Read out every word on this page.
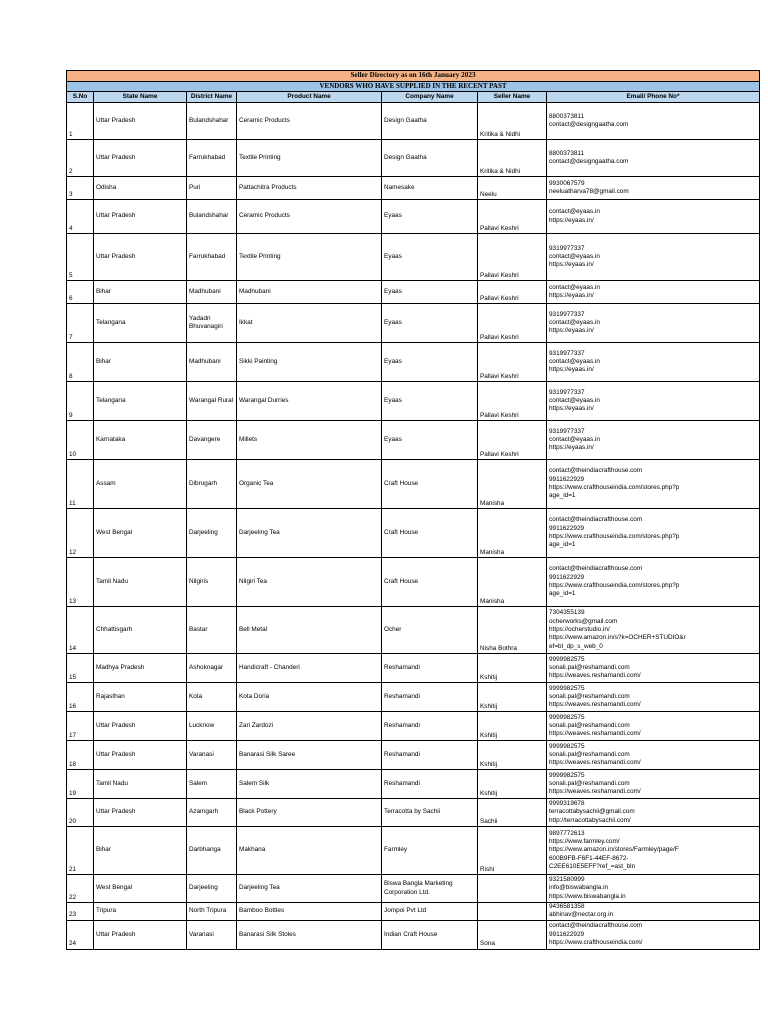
Seller Directory as on 16th January 2023						
VENDORS WHO HAVE SUPPLIED IN THE RECENT PAST						
S.No	State Name	District Name	Product Name	Company Name	Seller Name	Email/ Phone No*
1	Uttar Pradesh	Bulandshahar	Ceramic Products	Design Gaatha	Kritika & Nidhi	8800373811
contact@designgaatha.com

2	Uttar Pradesh	Farrukhabad	Textile Printing	Design Gaatha	Kritika & Nidhi	8800373811
contact@designgaatha.com

3	Odisha	Puri	Pattachitra Products	Namesake	Neelu	9930067579
neeluatharva78@gmail.com

4	Uttar Pradesh	Bulandshahar	Ceramic Products	Eyaas	Pallavi Keshri	contact@eyaas.in
https://eyaas.in/

5	Uttar Pradesh	Farrukhabad	Textile Printing	Eyaas	Pallavi Keshri	9319977337
contact@eyaas.in
https://eyaas.in/

6	Bihar	Madhubani	Madhubani	Eyaas	Pallavi Keshri	contact@eyaas.in
https://eyaas.in/

7	Telangana	Yadadri Bhuvanagiri	Ikkat	Eyaas	Pallavi Keshri	9319977337
contact@eyaas.in
https://eyaas.in/

8	Bihar	Madhubani	Sikki Painting	Eyaas	Pallavi Keshri	9319977337
contact@eyaas.in
https://eyaas.in/

9	Telangana	Warangal Rural	Warangal Durries	Eyaas	Pallavi Keshri	9319977337
contact@eyaas.in
https://eyaas.in/

10	Karnataka	Davangere	Millets	Eyaas	Pallavi Keshri	9319977337
contact@eyaas.in
https://eyaas.in/

11	Assam	Dibrugarh	Organic Tea	Craft House	Manisha	contact@theindiacrafthouse.com
9911622929
https://www.crafthouseindia.com/stores.php?p
age_id=1

12	West Bengal	Darjeeling	Darjeeling Tea	Craft House	Manisha	contact@theindiacrafthouse.com
9911622929
https://www.crafthouseindia.com/stores.php?p
age_id=1

13	Tamil Nadu	Nilgiris	Nilgiri Tea	Craft House	Manisha	contact@theindiacrafthouse.com
9911622929
https://www.crafthouseindia.com/stores.php?p
age_id=1

14	Chhattisgarh	Bastar	Bell Metal	Ocher	Nisha Bothra	7304355139
ocherworks@gmail.com
https://ocherstudio.in/
https://www.amazon.in/s?k=OCHER+STUDIO&r
ef=bl_dp_s_web_0

15	Madhya Pradesh	Ashoknagar	Handicraft - Chanderi	Reshamandi	Kshitij	9999982575
sonali.pal@reshamandi.com
https://weaves.reshamandi.com/

16	Rajasthan	Kota	Kota Doria	Reshamandi	Kshitij	9999982575
sonali.pal@reshamandi.com
https://weaves.reshamandi.com/

17	Uttar Pradesh	Lucknow	Zari Zardozi	Reshamandi	Kshitij	9999982575
sonali.pal@reshamandi.com
https://weaves.reshamandi.com/

18	Uttar Pradesh	Varanasi	Banarasi Silk Saree	Reshamandi	Kshitij	9999982575
sonali.pal@reshamandi.com
https://weaves.reshamandi.com/

19	Tamil Nadu	Salem	Salem Silk	Reshamandi	Kshitij	9999982575
sonali.pal@reshamandi.com
https://weaves.reshamandi.com/

20	Uttar Pradesh	Azamgarh	Black Pottery	Terracotta by Sachii	Sachii	9999319678
terracottabysachii@gmail.com
http://terracottabysachii.com/

21	Bihar	Darbhanga	Makhana	Farmley	Rishi	9897772613
https://www.farmley.com/
https://www.amazon.in/stores/Farmley/page/F
600B9FB-F6F1-44EF-8672-
C2EE610E5EFF?ref_=ast_bln

22	West Bengal	Darjeeling	Darjeeling Tea	Biswa Bangla Marketing Corporation Ltd.		9321580999
info@biswabangla.in
https://www.biswabangla.in

23	Tripura	North Tripura	Bamboo Bottles	Jompoi Pvt Ltd		9436581358
abhinav@nectar.org.in

24	Uttar Pradesh	Varanasi	Banarasi Silk Stoles	Indian Craft House	Sona	contact@theindiacrafthouse.com
9911622929
https://www.crafthouseindia.com/
